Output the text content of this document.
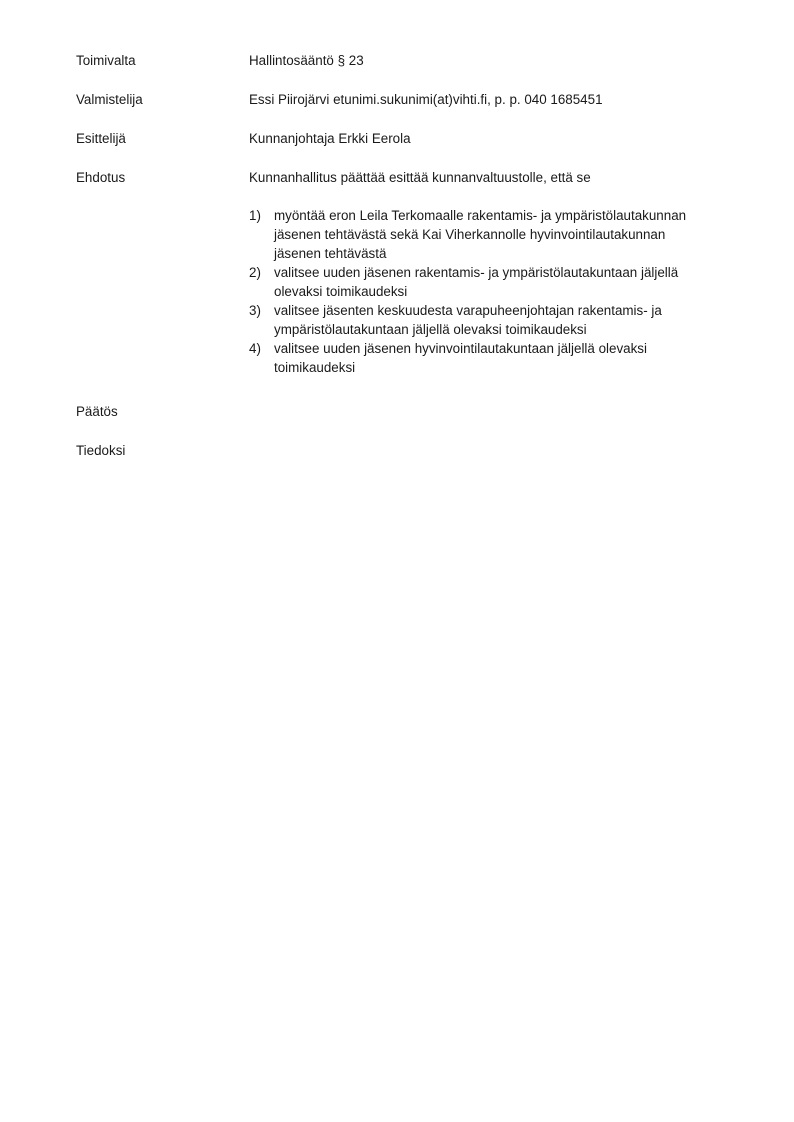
Toimivalta	Hallintosääntö § 23
Valmistelija	Essi Piirojärvi etunimi.sukunimi(at)vihti.fi, p. p. 040 1685451
Esittelijä	Kunnanjohtaja Erkki Eerola
Ehdotus	Kunnanhallitus päättää esittää kunnanvaltuustolle, että se
1) myöntää eron Leila Terkomaalle rakentamis- ja ympäristölautakunnan
jäsenen tehtävästä sekä Kai Viherkannolle hyvinvointilautakunnan
jäsenen tehtävästä
2) valitsee uuden jäsenen rakentamis- ja ympäristölautakuntaan jäljellä
olevaksi toimikaudeksi
3) valitsee jäsenten keskuudesta varapuheenjohtajan rakentamis- ja
ympäristölautakuntaan jäljellä olevaksi toimikaudeksi
4) valitsee uuden jäsenen hyvinvointilautakuntaan jäljellä olevaksi
toimikaudeksi
Päätös
Tiedoksi
